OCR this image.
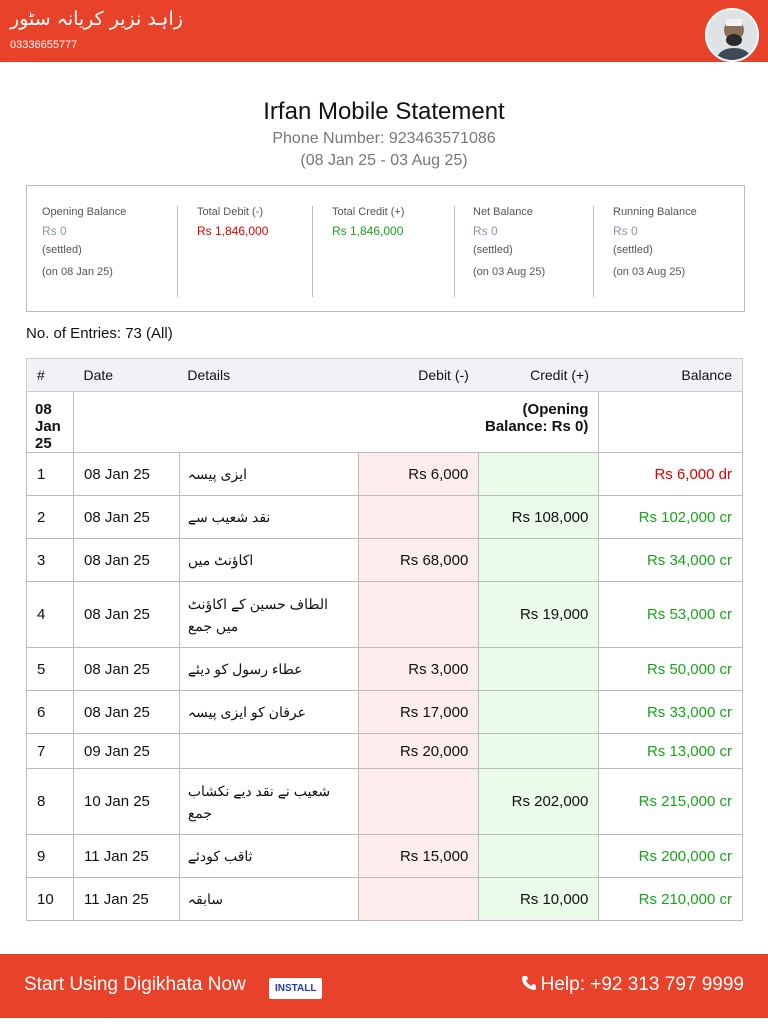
زاہد نزیر کریانہ سٹور
03336655777
Irfan Mobile Statement
Phone Number: 923463571086
(08 Jan 25 - 03 Aug 25)
Opening Balance
Rs 0
(settled)
(on 08 Jan 25)
Total Debit (-)
Rs 1,846,000
Total Credit (+)
Rs 1,846,000
Net Balance
Rs 0
(settled)
(on 03 Aug 25)
Running Balance
Rs 0
(settled)
(on 03 Aug 25)
No. of Entries: 73 (All)
#	Date	Details	Debit (-)	Credit (+)	Balance

08 Jan 25	(Opening Balance: Rs 0)				
1	08 Jan 25	ایزی پیسہ	Rs 6,000		Rs 6,000 dr
2	08 Jan 25	نقد شعیب سے		Rs 108,000	Rs 102,000 cr
3	08 Jan 25	اکاؤنٹ میں	Rs 68,000		Rs 34,000 cr
4	08 Jan 25	الطاف حسین کے اکاؤنٹ میں جمع		Rs 19,000	Rs 53,000 cr
5	08 Jan 25	عطاء رسول کو دیئے	Rs 3,000		Rs 50,000 cr
6	08 Jan 25	عرفان کو ایزی پیسہ	Rs 17,000		Rs 33,000 cr
7	09 Jan 25		Rs 20,000		Rs 13,000 cr
8	10 Jan 25	شعیب نے نقد دیے نکشاب جمع		Rs 202,000	Rs 215,000 cr
9	11 Jan 25	ثاقب کودئے	Rs 15,000		Rs 200,000 cr
10	11 Jan 25	سابقہ		Rs 10,000	Rs 210,000 cr
Start Using Digikhata Now	INSTALL	Help: +92 313 797 9999
